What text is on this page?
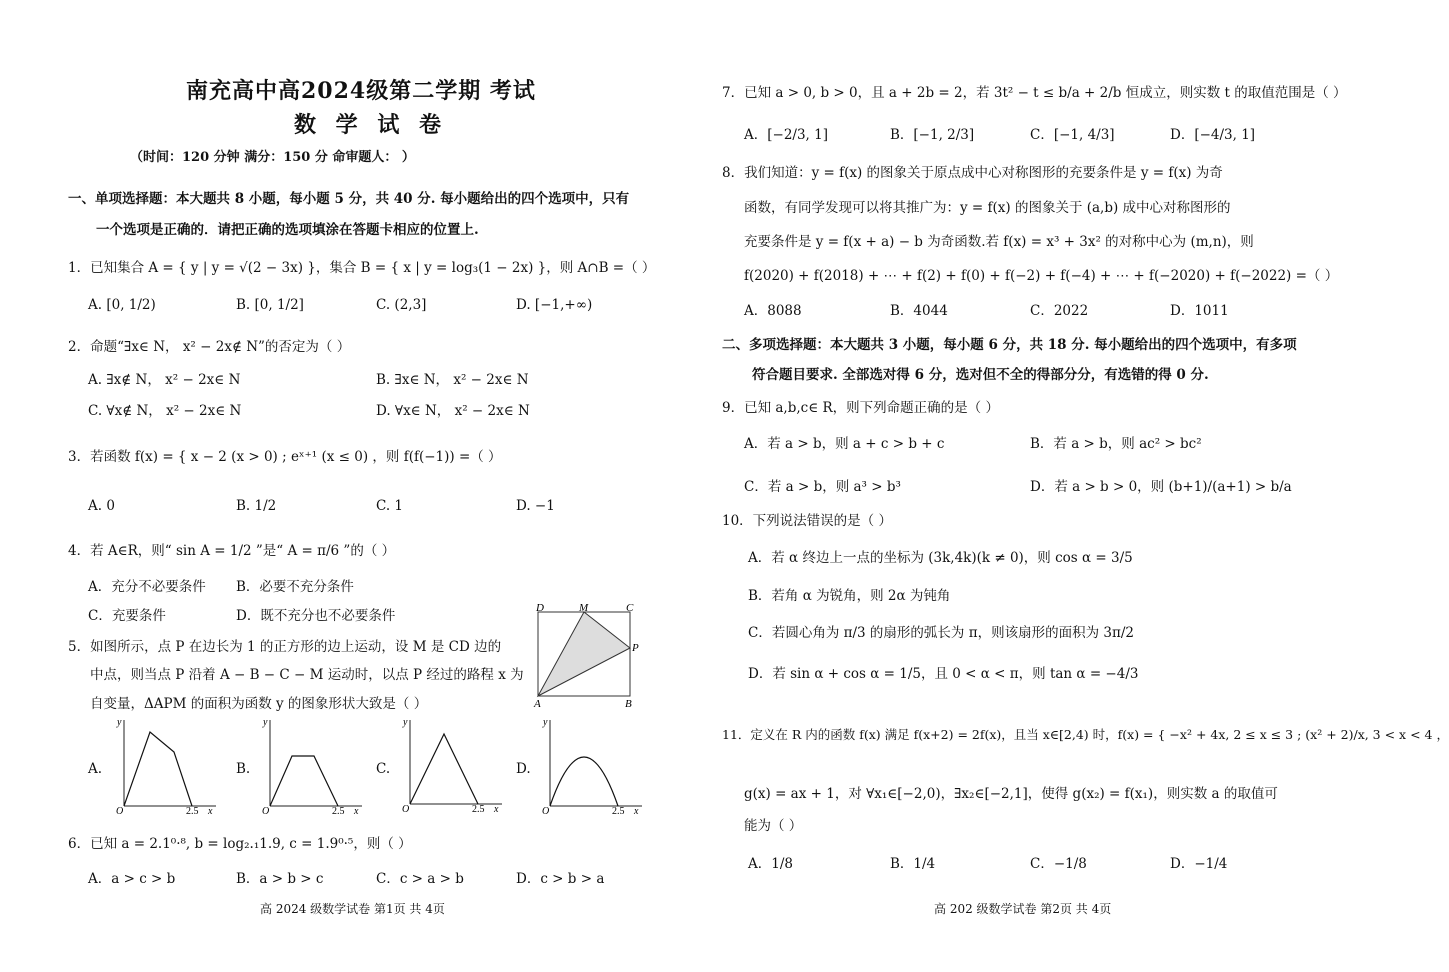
南充高中高2024级第二学期 考试
数 学 试 卷
（时间：120 分钟 满分：150 分 命审题人： ）
一、单项选择题：本大题共 8 小题，每小题 5 分，共 40 分. 每小题给出的四个选项中，只有
一个选项是正确的．请把正确的选项填涂在答题卡相应的位置上.
1．已知集合 A = { y | y = √(2 − 3x) }，集合 B = { x | y = log₃(1 − 2x) }，则 A∩B =（ ）
A. [0, 1/2)	B. [0, 1/2]	C. (2,3]	D. [−1,+∞)
2．命题“∃x∈ N， x² − 2x∉ N”的否定为（ ）
A. ∃x∉ N， x² − 2x∈ N	B. ∃x∈ N， x² − 2x∈ N
C. ∀x∉ N， x² − 2x∈ N	D. ∀x∈ N， x² − 2x∈ N
3．若函数 f(x) = { x − 2 (x > 0) ; eˣ⁺¹ (x ≤ 0) ，则 f(f(−1)) =（ ）
A. 0	B. 1/2	C. 1	D. −1
4．若 A∈R，则“ sin A = 1/2 ”是“ A = π/6 ”的（ ）
A．充分不必要条件 B．必要不充分条件
C．充要条件	D．既不充分也不必要条件
5．如图所示，点 P 在边长为 1 的正方形的边上运动，设 M 是 CD 边的
中点，则当点 P 沿着 A − B − C − M 运动时，以点 P 经过的路程 x 为
自变量，ΔAPM 的面积为函数 y 的图象形状大致是（ ）
D	M	C
P
A	B
A.
y
O	2.5 x
B.
y
O	2.5 x
C.
y
O	2.5 x
D.
y
O	2.5 x
6．已知 a = 2.1⁰·⁸, b = log₂.₁1.9, c = 1.9⁰·⁵，则（ ）
A．a > c > b	B．a > b > c	C．c > a > b	D．c > b > a
高 2024 级数学试卷 第1页 共 4页
7．已知 a > 0, b > 0，且 a + 2b = 2，若 3t² − t ≤ b/a + 2/b 恒成立，则实数 t 的取值范围是（ ）
A．[−2/3, 1]	B．[−1, 2/3]	C．[−1, 4/3]	D．[−4/3, 1]
8．我们知道：y = f(x) 的图象关于原点成中心对称图形的充要条件是 y = f(x) 为奇
函数，有同学发现可以将其推广为：y = f(x) 的图象关于 (a,b) 成中心对称图形的
充要条件是 y = f(x + a) − b 为奇函数.若 f(x) = x³ + 3x² 的对称中心为 (m,n)，则
f(2020) + f(2018) + ⋯ + f(2) + f(0) + f(−2) + f(−4) + ⋯ + f(−2020) + f(−2022) =（ ）
A．8088	B．4044	C．2022	D．1011
二、多项选择题：本大题共 3 小题，每小题 6 分，共 18 分. 每小题给出的四个选项中，有多项
符合题目要求. 全部选对得 6 分，选对但不全的得部分分，有选错的得 0 分.
9．已知 a,b,c∈ R，则下列命题正确的是（ ）
A．若 a > b，则 a + c > b + c	B．若 a > b，则 ac² > bc²
C．若 a > b，则 a³ > b³	D．若 a > b > 0，则 (b+1)/(a+1) > b/a
10．下列说法错误的是（ ）
A．若 α 终边上一点的坐标为 (3k,4k)(k ≠ 0)，则 cos α = 3/5
B．若角 α 为锐角，则 2α 为钝角
C．若圆心角为 π/3 的扇形的弧长为 π，则该扇形的面积为 3π/2
D．若 sin α + cos α = 1/5，且 0 < α < π，则 tan α = −4/3
11．定义在 R 内的函数 f(x) 满足 f(x+2) = 2f(x)，且当 x∈[2,4) 时，f(x) = { −x² + 4x, 2 ≤ x ≤ 3 ; (x² + 2)/x, 3 < x < 4 ，
g(x) = ax + 1，对 ∀x₁∈[−2,0)，∃x₂∈[−2,1]，使得 g(x₂) = f(x₁)，则实数 a 的取值可
能为（ ）
A．1/8	B．1/4	C．−1/8	D．−1/4
高 202 级数学试卷 第2页 共 4页
